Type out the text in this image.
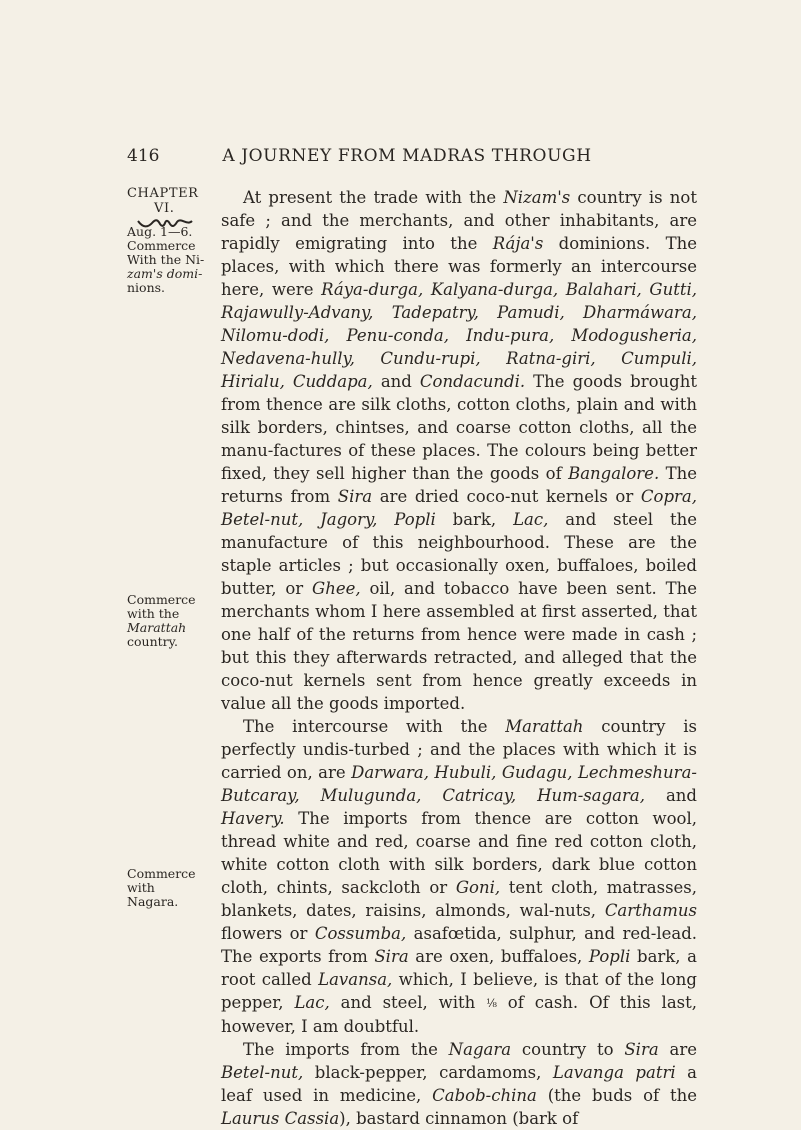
416	A JOURNEY FROM MADRAS THROUGH
CHAPTER
VI.
Aug. 1—6.
Commerce
With the Ni-
zam's domi-
nions.
Commerce
with the
Marattah
country.
Commerce
with Nagara.

At present the trade with the Nizam's country is not safe ; and the merchants, and other inhabitants, are rapidly emigrating into the Rája's dominions. The places, with which there was formerly an intercourse here, were Ráya-durga, Kalyana-durga, Balahari, Gutti, Rajawully-Advany, Tadepatry, Pamudi, Dharmáwara, Nilomu-dodi, Penu-conda, Indu-pura, Modogusheria, Nedavena-hully, Cundu-rupi, Ratna-giri, Cumpuli, Hirialu, Cuddapa, and Condacundi. The goods brought from thence are silk cloths, cotton cloths, plain and with silk borders, chintses, and coarse cotton cloths, all the manu-factures of these places. The colours being better fixed, they sell higher than the goods of Bangalore. The returns from Sira are dried coco-nut kernels or Copra, Betel-nut, Jagory, Popli bark, Lac, and steel the manufacture of this neighbourhood. These are the staple articles ; but occasionally oxen, buffaloes, boiled butter, or Ghee, oil, and tobacco have been sent. The merchants whom I here assembled at first asserted, that one half of the returns from hence were made in cash ; but this they afterwards retracted, and alleged that the coco-nut kernels sent from hence greatly exceeds in value all the goods imported.

The intercourse with the Marattah country is perfectly undis-turbed ; and the places with which it is carried on, are Darwara, Hubuli, Gudagu, Lechmeshura-Butcaray, Mulugunda, Catricay, Hum-sagara, and Havery. The imports from thence are cotton wool, thread white and red, coarse and fine red cotton cloth, white cotton cloth with silk borders, dark blue cotton cloth, chints, sackcloth or Goni, tent cloth, matrasses, blankets, dates, raisins, almonds, wal-nuts, Carthamus flowers or Cossumba, asafœtida, sulphur, and red-lead. The exports from Sira are oxen, buffaloes, Popli bark, a root called Lavansa, which, I believe, is that of the long pepper, Lac, and steel, with ⅛ of cash. Of this last, however, I am doubtful.

The imports from the Nagara country to Sira are Betel-nut, black-pepper, cardamoms, Lavanga patri a leaf used in medicine, Cabob-china (the buds of the Laurus Cassia), bastard cinnamon (bark of
